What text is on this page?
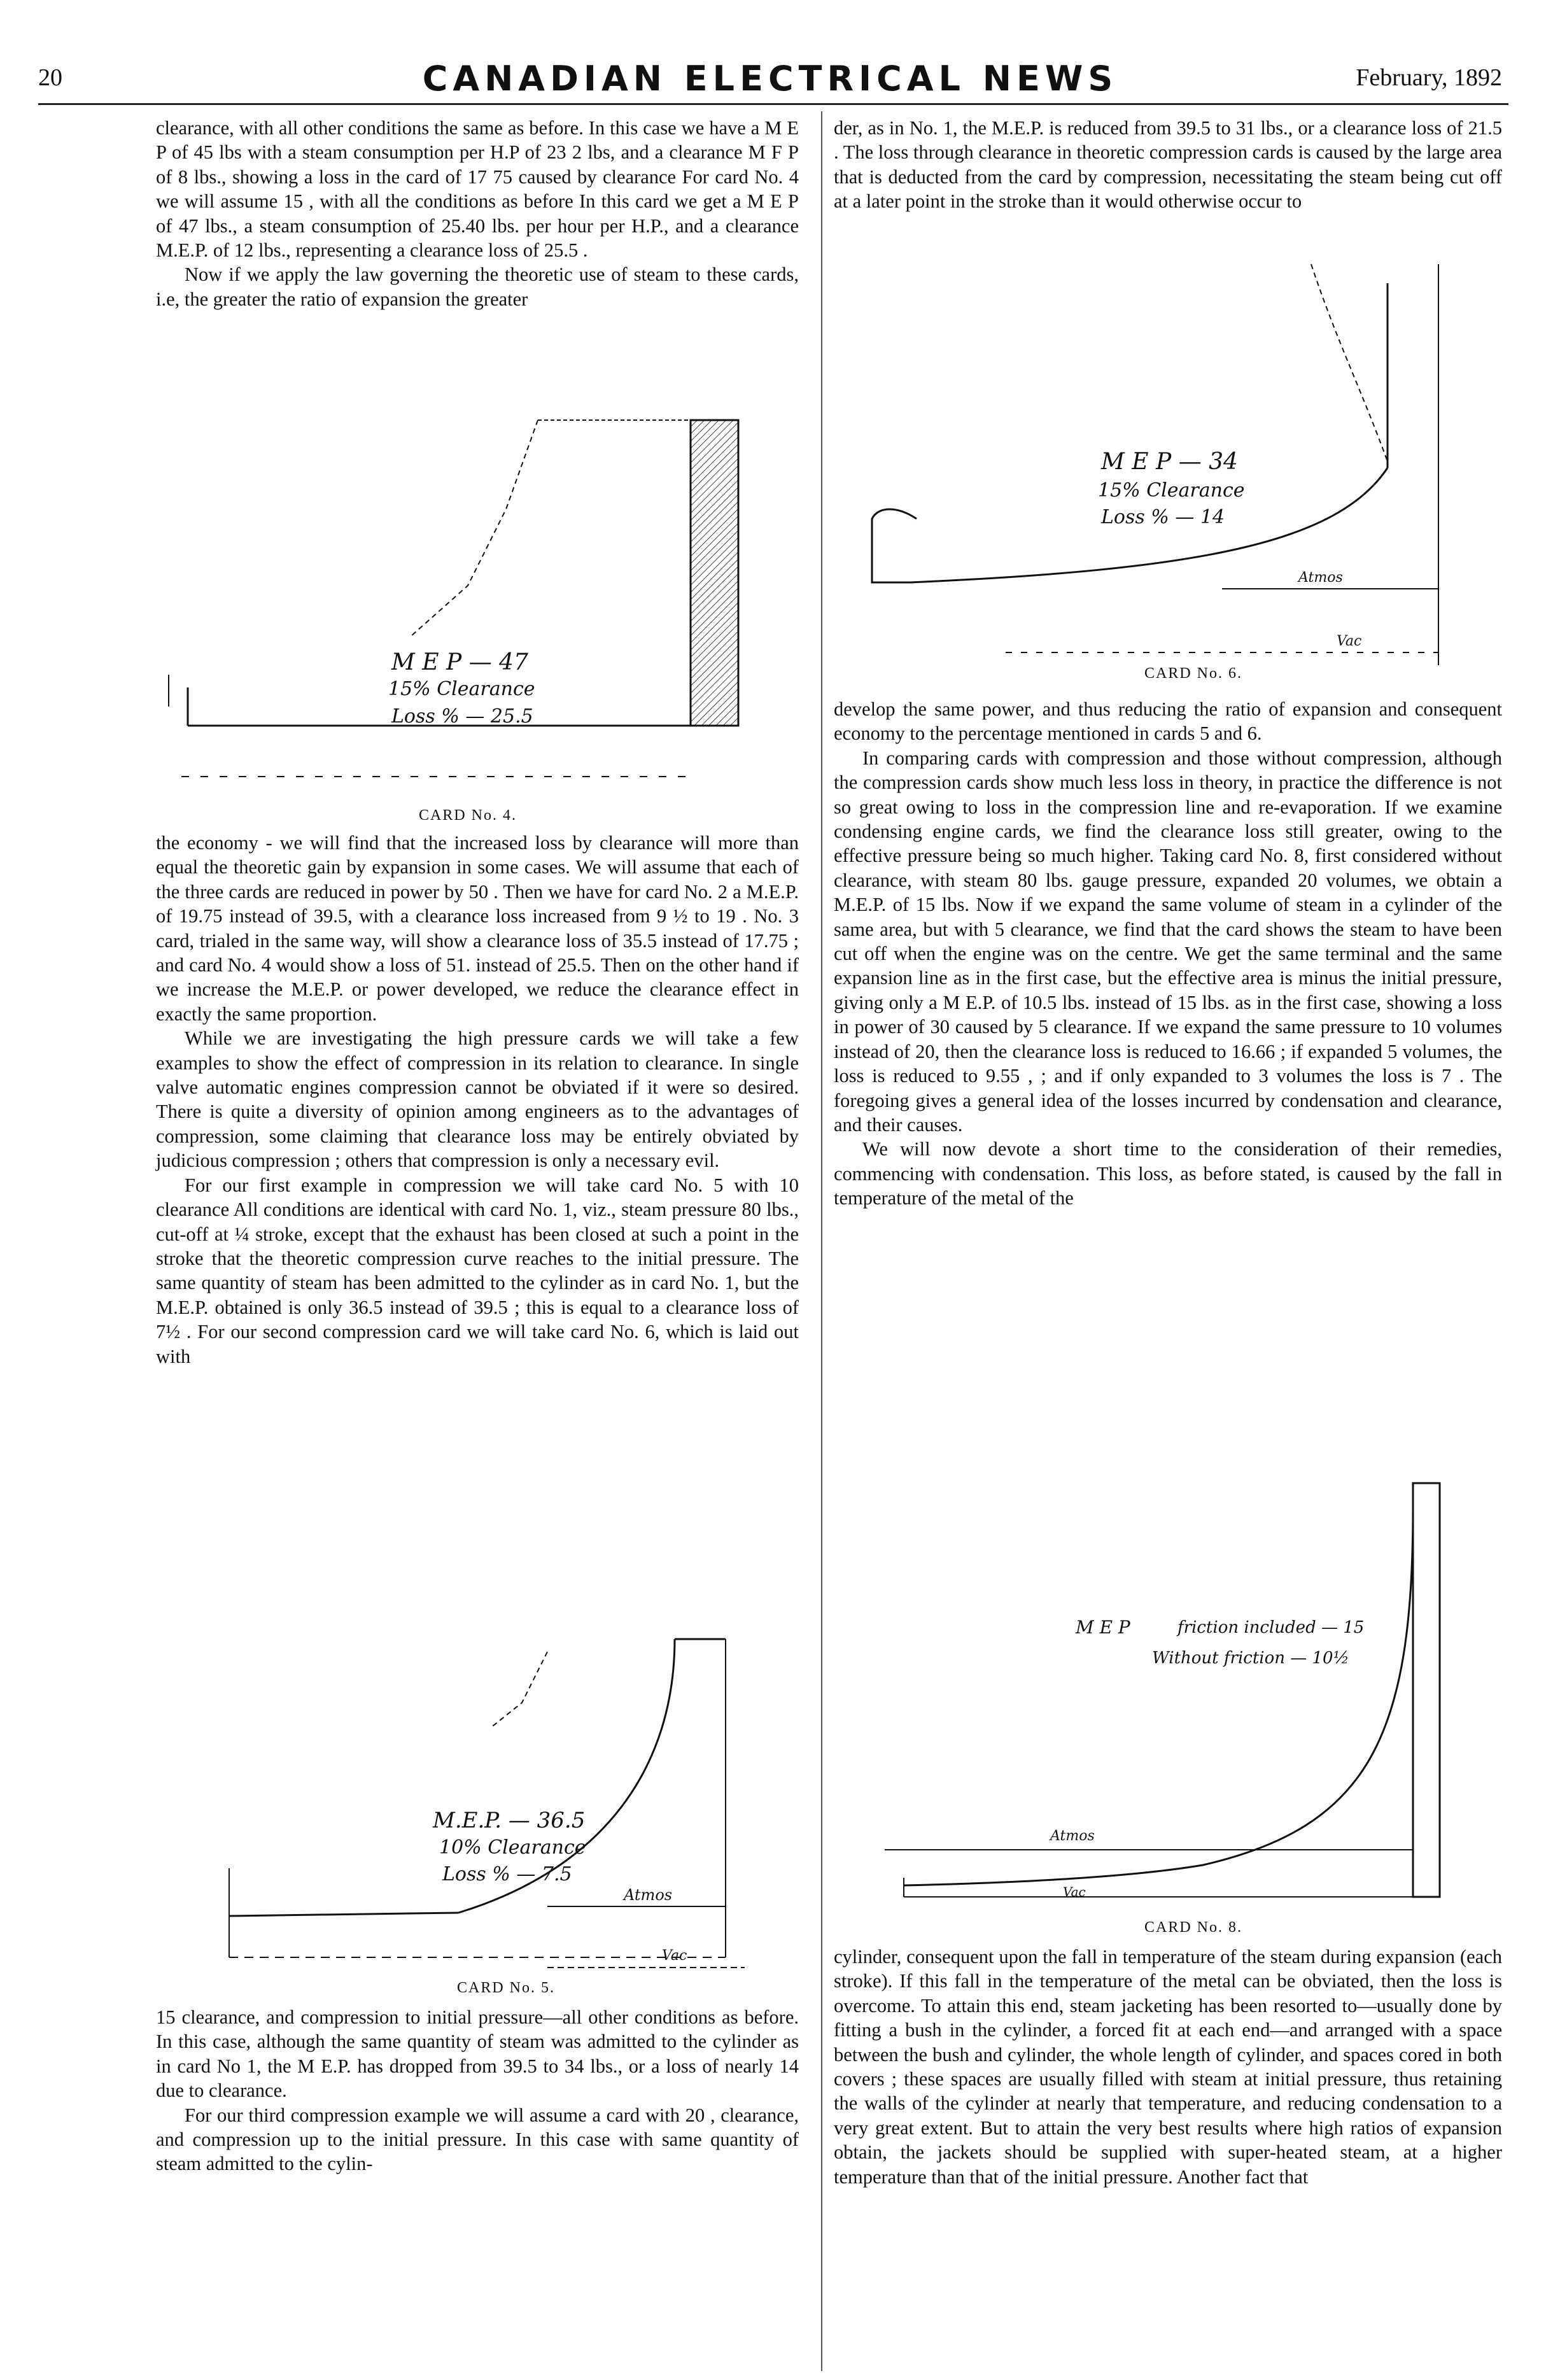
20	CANADIAN ELECTRICAL NEWS	February, 1892

clearance, with all other conditions the same as before. In this case we have a M E P of 45 lbs with a steam consumption per H.P of 23 2 lbs, and a clearance M F P of 8 lbs., showing a loss in the card of 17 75 caused by clearance For card No. 4 we will assume 15 , with all the conditions as before In this card we get a M E P of 47 lbs., a steam consumption of 25.40 lbs. per hour per H.P., and a clearance M.E.P. of 12 lbs., representing a clearance loss of 25.5 .

Now if we apply the law governing the theoretic use of steam to these cards, i.e, the greater the ratio of expansion the greater

M E P — 47
15% Clearance
Loss % — 25.5
CARD No. 4.

the economy - we will find that the increased loss by clearance will more than equal the theoretic gain by expansion in some cases. We will assume that each of the three cards are reduced in power by 50 . Then we have for card No. 2 a M.E.P. of 19.75 instead of 39.5, with a clearance loss increased from 9 ½ to 19 . No. 3 card, trialed in the same way, will show a clearance loss of 35.5 instead of 17.75 ; and card No. 4 would show a loss of 51. instead of 25.5. Then on the other hand if we increase the M.E.P. or power developed, we reduce the clearance effect in exactly the same proportion.

While we are investigating the high pressure cards we will take a few examples to show the effect of compression in its relation to clearance. In single valve automatic engines compression cannot be obviated if it were so desired. There is quite a diversity of opinion among engineers as to the advantages of compression, some claiming that clearance loss may be entirely obviated by judicious compression ; others that compression is only a necessary evil.

For our first example in compression we will take card No. 5 with 10 clearance All conditions are identical with card No. 1, viz., steam pressure 80 lbs., cut-off at ¼ stroke, except that the exhaust has been closed at such a point in the stroke that the theoretic compression curve reaches to the initial pressure. The same quantity of steam has been admitted to the cylinder as in card No. 1, but the M.E.P. obtained is only 36.5 instead of 39.5 ; this is equal to a clearance loss of 7½ . For our second compression card we will take card No. 6, which is laid out with

M.E.P. — 36.5
10% Clearance
Loss % — 7.5
Atmos
Vac
CARD No. 5.

15 clearance, and compression to initial pressure—all other conditions as before. In this case, although the same quantity of steam was admitted to the cylinder as in card No 1, the M E.P. has dropped from 39.5 to 34 lbs., or a loss of nearly 14 due to clearance.

For our third compression example we will assume a card with 20 , clearance, and compression up to the initial pressure. In this case with same quantity of steam admitted to the cylin-

der, as in No. 1, the M.E.P. is reduced from 39.5 to 31 lbs., or a clearance loss of 21.5 . The loss through clearance in theoretic compression cards is caused by the large area that is deducted from the card by compression, necessitating the steam being cut off at a later point in the stroke than it would otherwise occur to

M E P — 34
15% Clearance
Loss % — 14
Atmos
Vac
CARD No. 6.

develop the same power, and thus reducing the ratio of expansion and consequent economy to the percentage mentioned in cards 5 and 6.

In comparing cards with compression and those without compression, although the compression cards show much less loss in theory, in practice the difference is not so great owing to loss in the compression line and re-evaporation. If we examine condensing engine cards, we find the clearance loss still greater, owing to the effective pressure being so much higher. Taking card No. 8, first considered without clearance, with steam 80 lbs. gauge pressure, expanded 20 volumes, we obtain a M.E.P. of 15 lbs. Now if we expand the same volume of steam in a cylinder of the same area, but with 5 clearance, we find that the card shows the steam to have been cut off when the engine was on the centre. We get the same terminal and the same expansion line as in the first case, but the effective area is minus the initial pressure, giving only a M E.P. of 10.5 lbs. instead of 15 lbs. as in the first case, showing a loss in power of 30 caused by 5 clearance. If we expand the same pressure to 10 volumes instead of 20, then the clearance loss is reduced to 16.66 ; if expanded 5 volumes, the loss is reduced to 9.55 , ; and if only expanded to 3 volumes the loss is 7 . The foregoing gives a general idea of the losses incurred by condensation and clearance, and their causes.

We will now devote a short time to the consideration of their remedies, commencing with condensation. This loss, as before stated, is caused by the fall in temperature of the metal of the

M E P	friction included — 15
Without friction — 10½
Atmos
Vac
CARD No. 8.

cylinder, consequent upon the fall in temperature of the steam during expansion (each stroke). If this fall in the temperature of the metal can be obviated, then the loss is overcome. To attain this end, steam jacketing has been resorted to—usually done by fitting a bush in the cylinder, a forced fit at each end—and arranged with a space between the bush and cylinder, the whole length of cylinder, and spaces cored in both covers ; these spaces are usually filled with steam at initial pressure, thus retaining the walls of the cylinder at nearly that temperature, and reducing condensation to a very great extent. But to attain the very best results where high ratios of expansion obtain, the jackets should be supplied with super-heated steam, at a higher temperature than that of the initial pressure. Another fact that
